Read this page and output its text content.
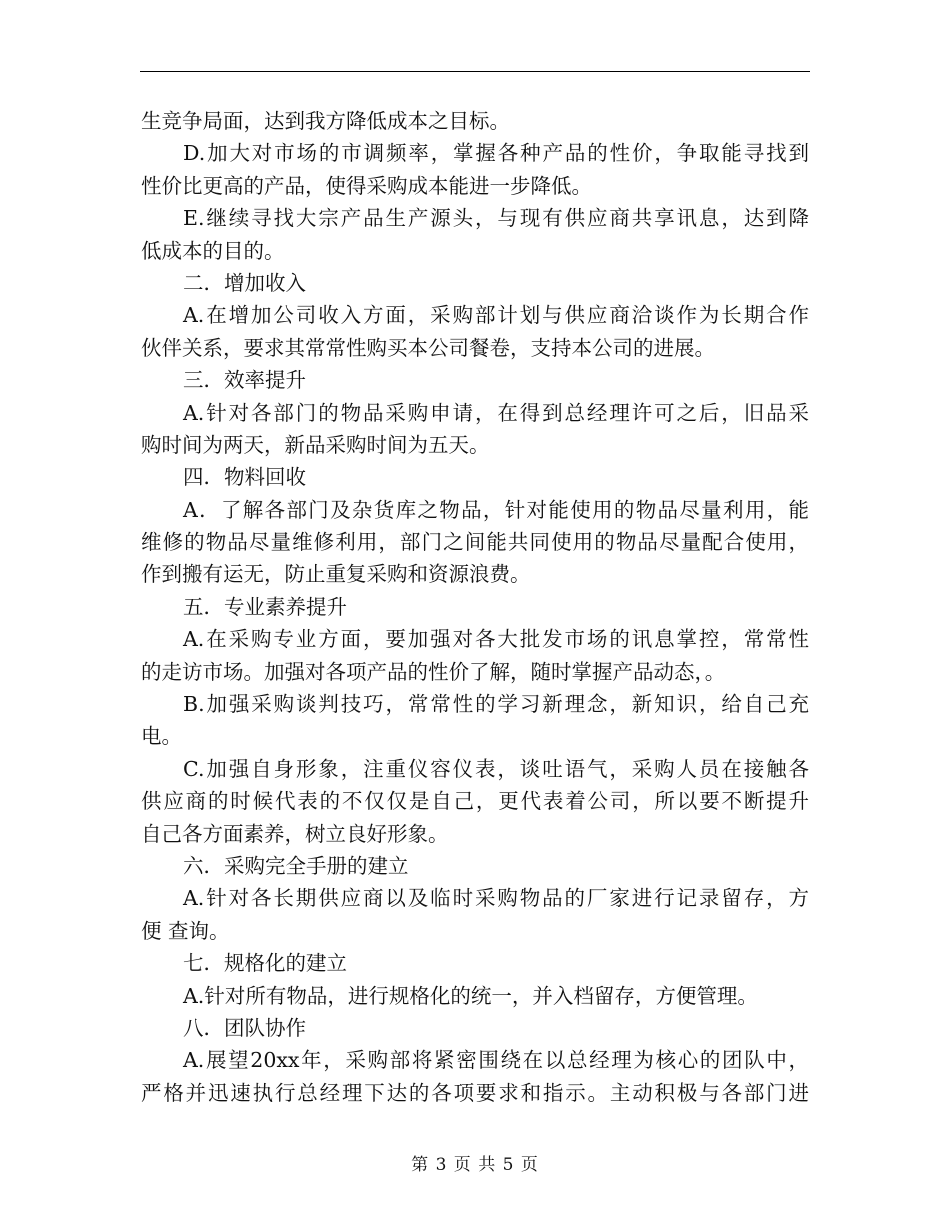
生竞争局面，达到我方降低成本之目标。
D.加大对市场的市调频率，掌握各种产品的性价，争取能寻找到
性价比更高的产品，使得采购成本能进一步降低。
E.继续寻找大宗产品生产源头，与现有供应商共享讯息，达到降
低成本的目的。
二．增加收入
A.在增加公司收入方面，采购部计划与供应商洽谈作为长期合作
伙伴关系，要求其常常性购买本公司餐卷，支持本公司的进展。
三．效率提升
A.针对各部门的物品采购申请，在得到总经理许可之后，旧品采
购时间为两天，新品采购时间为五天。
四．物料回收
A．了解各部门及杂货库之物品，针对能使用的物品尽量利用，能
维修的物品尽量维修利用，部门之间能共同使用的物品尽量配合使用，
作到搬有运无，防止重复采购和资源浪费。
五．专业素养提升
A.在采购专业方面，要加强对各大批发市场的讯息掌控，常常性
的走访市场。加强对各项产品的性价了解，随时掌握产品动态，。
B.加强采购谈判技巧，常常性的学习新理念，新知识，给自己充
电。
C.加强自身形象，注重仪容仪表，谈吐语气，采购人员在接触各
供应商的时候代表的不仅仅是自己，更代表着公司，所以要不断提升
自己各方面素养，树立良好形象。
六．采购完全手册的建立
A.针对各长期供应商以及临时采购物品的厂家进行记录留存，方
便 查询。
七．规格化的建立
A.针对所有物品，进行规格化的统一，并入档留存，方便管理。
八．团队协作
A.展望20xx年，采购部将紧密围绕在以总经理为核心的团队中，
严格并迅速执行总经理下达的各项要求和指示。主动积极与各部门进
第 3 页 共 5 页
